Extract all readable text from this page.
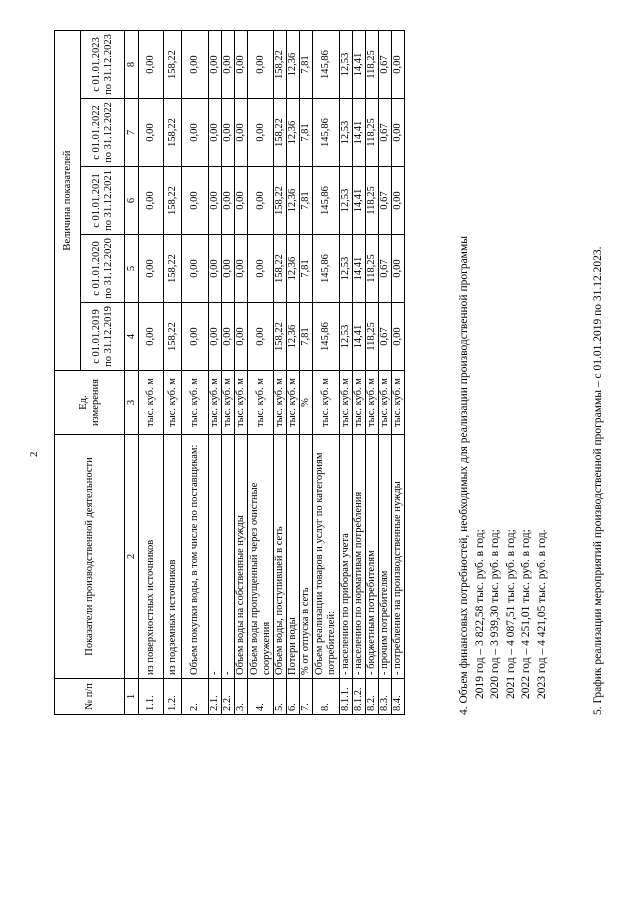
2
№ п/п	Показатели производственной деятельности	Ед. измерения	Величина показателей				
			с 01.01.2019 по 31.12.2019	с 01.01.2020 по 31.12.2020	с 01.01.2021 по 31.12.2021	с 01.01.2022 по 31.12.2022	с 01.01.2023 по 31.12.2023
1	2	3	4	5	6	7	8
1.1.	из поверхностных источников	тыс. куб. м	0,00	0,00	0,00	0,00	0,00
1.2.	из подземных источников	тыс. куб. м	158,22	158,22	158,22	158,22	158,22
2.	Объем покупки воды, в том числе по поставщикам:	тыс. куб. м	0,00	0,00	0,00	0,00	0,00
2.1.	-	тыс. куб. м	0,00	0,00	0,00	0,00	0,00
2.2.	-	тыс. куб. м	0,00	0,00	0,00	0,00	0,00
3.	Объем воды на собственные нужды	тыс. куб. м	0,00	0,00	0,00	0,00	0,00
4.	Объем воды пропущенный через очистные сооружения	тыс. куб. м	0,00	0,00	0,00	0,00	0,00
5.	Объем воды, поступившей в сеть	тыс. куб. м	158,22	158,22	158,22	158,22	158,22
6.	Потери воды	тыс. куб. м	12,36	12,36	12,36	12,36	12,36
7.	% от отпуска в сеть	%	7,81	7,81	7,81	7,81	7,81
8.	Объем реализации товаров и услуг по категориям потребителей:	тыс. куб. м	145,86	145,86	145,86	145,86	145,86
8.1.1.	- населению по приборам учета	тыс. куб. м	12,53	12,53	12,53	12,53	12,53
8.1.2.	- населению по нормативам потребления	тыс. куб. м	14,41	14,41	14,41	14,41	14,41
8.2.	- бюджетным потребителям	тыс. куб. м	118,25	118,25	118,25	118,25	118,25
8.3.	- прочим потребителям	тыс. куб. м	0,67	0,67	0,67	0,67	0,67
8.4.	- потребление на производственные нужды	тыс. куб. м	0,00	0,00	0,00	0,00	0,00
4. Объем финансовых потребностей, необходимых для реализации производственной программы 2019 год – 3 822,58 тыс. руб. в год; 2020 год – 3 939,30 тыс. руб. в год; 2021 год – 4 087,51 тыс. руб. в год; 2022 год – 4 251,01 тыс. руб. в год; 2023 год – 4 421,05 тыс. руб. в год.	5. График реализации мероприятий производственной программы – с 01.01.2019 по 31.12.2023.
